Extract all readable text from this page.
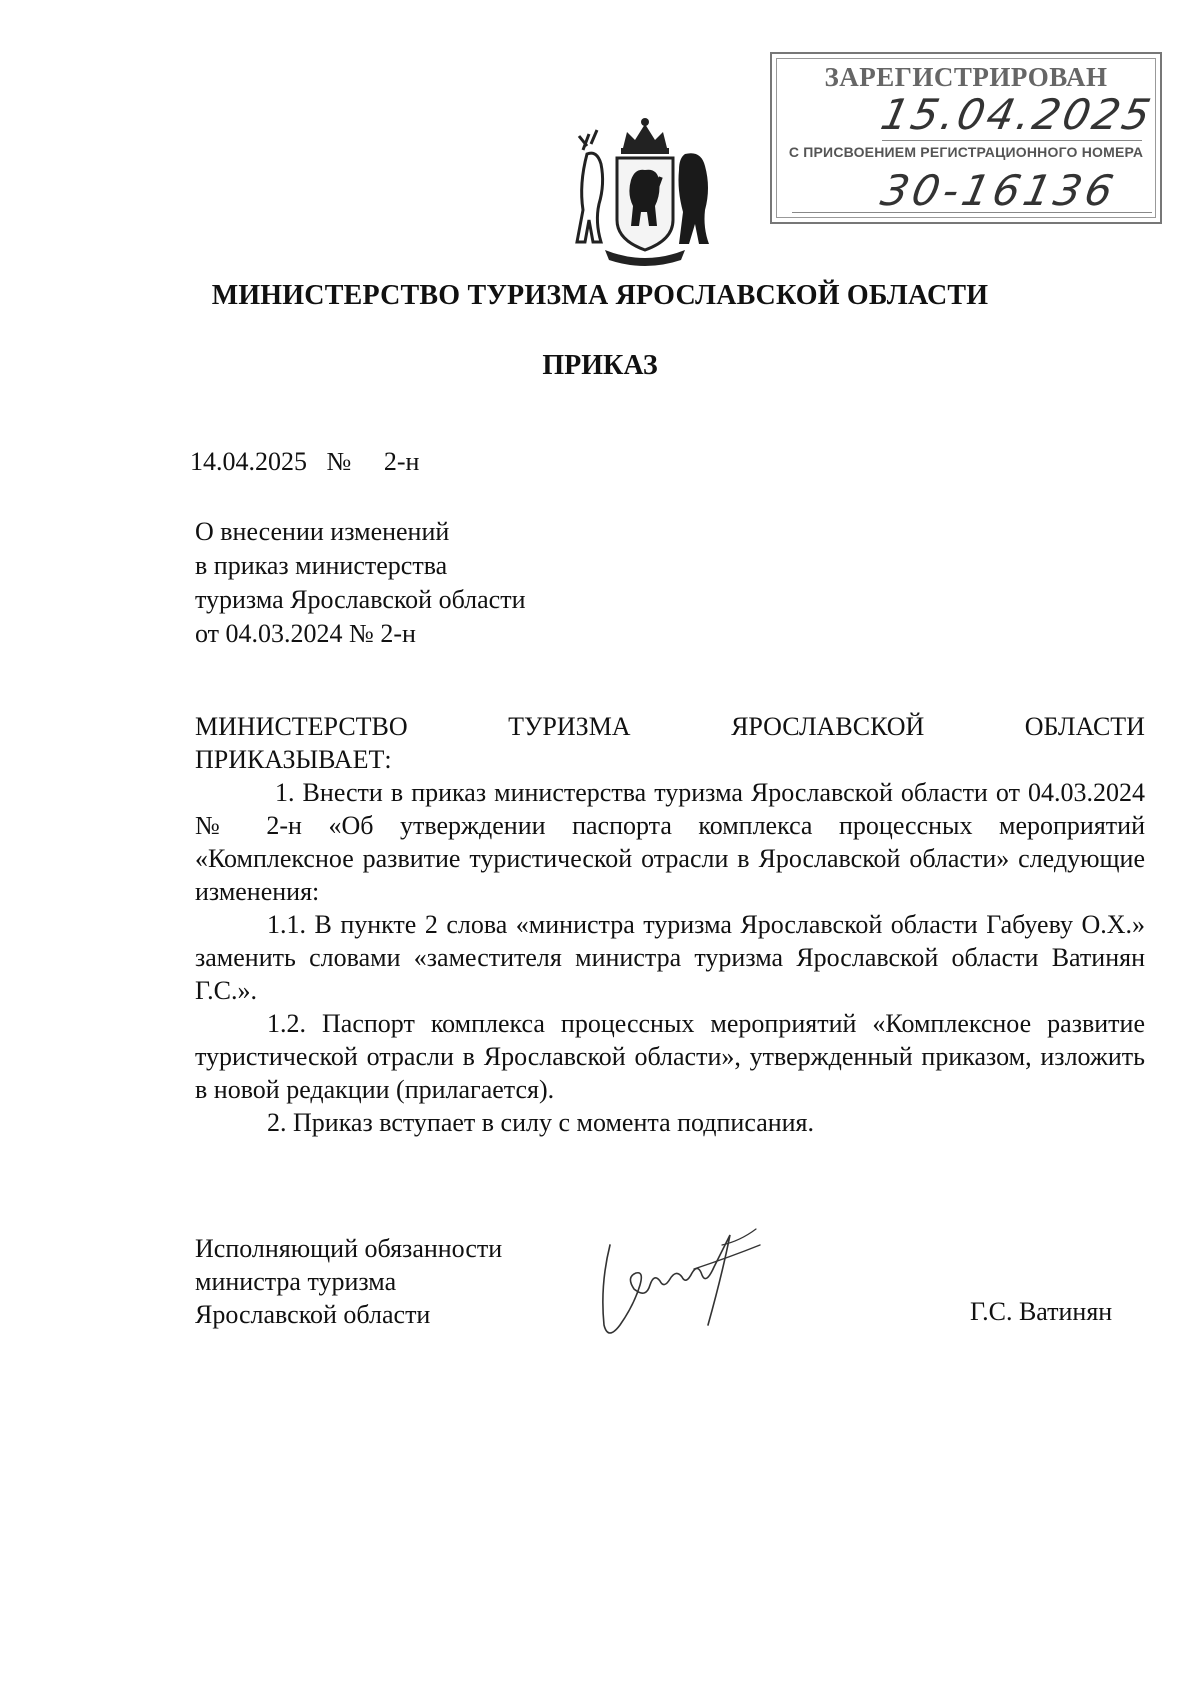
ЗАРЕГИСТРИРОВАН
15.04.2025
С ПРИСВОЕНИЕМ РЕГИСТРАЦИОННОГО НОМЕРА
30-16136
МИНИСТЕРСТВО ТУРИЗМА ЯРОСЛАВСКОЙ ОБЛАСТИ
ПРИКАЗ
14.04.2025 № 2-н
О внесении изменений
в приказ министерства
туризма Ярославской области
от 04.03.2024 № 2-н
МИНИСТЕРСТВО	ТУРИЗМА	ЯРОСЛАВСКОЙ	ОБЛАСТИ
ПРИКАЗЫВАЕТ:

1. Внести в приказ министерства туризма Ярославской области от 04.03.2024 № 2-н «Об утверждении паспорта комплекса процессных мероприятий «Комплексное развитие туристической отрасли в Ярославской области» следующие изменения:

1.1. В пункте 2 слова «министра туризма Ярославской области Габуеву О.Х.» заменить словами «заместителя министра туризма Ярославской области Ватинян Г.С.».

1.2. Паспорт комплекса процессных мероприятий «Комплексное развитие туристической отрасли в Ярославской области», утвержденный приказом, изложить в новой редакции (прилагается).

2. Приказ вступает в силу с момента подписания.

Исполняющий обязанности
министра туризма
Ярославской области	Г.С. Ватинян
